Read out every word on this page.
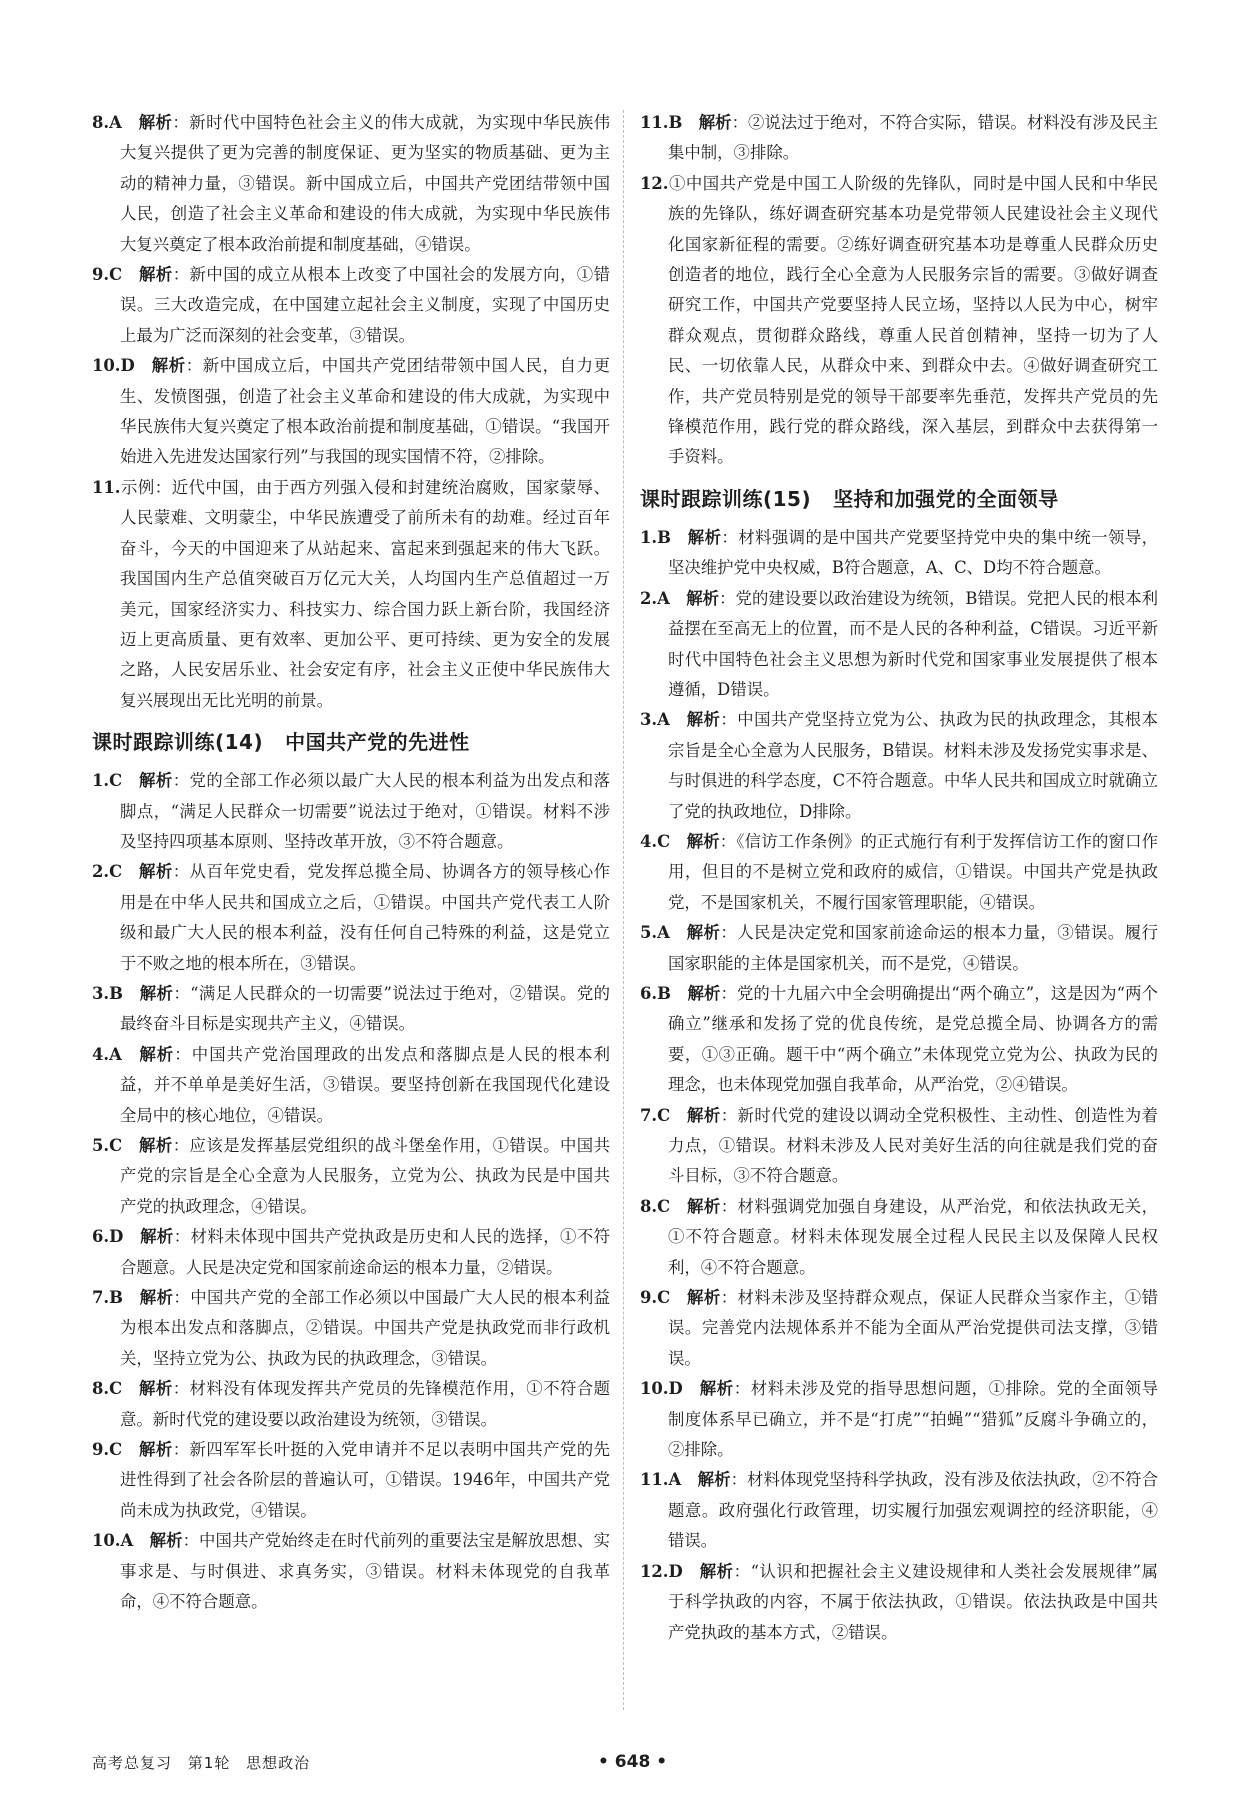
8.A  解析：新时代中国特色社会主义的伟大成就，为实现中华民族伟大复兴提供了更为完善的制度保证、更为坚实的物质基础、更为主动的精神力量，③错误。新中国成立后，中国共产党团结带领中国人民，创造了社会主义革命和建设的伟大成就，为实现中华民族伟大复兴奠定了根本政治前提和制度基础，④错误。
9.C  解析：新中国的成立从根本上改变了中国社会的发展方向，①错误。三大改造完成，在中国建立起社会主义制度，实现了中国历史上最为广泛而深刻的社会变革，③错误。
10.D  解析：新中国成立后，中国共产党团结带领中国人民，自力更生、发愤图强，创造了社会主义革命和建设的伟大成就，为实现中华民族伟大复兴奠定了根本政治前提和制度基础，①错误。“我国开始进入先进发达国家行列”与我国的现实国情不符，②排除。
11.示例：近代中国，由于西方列强入侵和封建统治腐败，国家蒙辱、人民蒙难、文明蒙尘，中华民族遭受了前所未有的劫难。经过百年奋斗，今天的中国迎来了从站起来、富起来到强起来的伟大飞跃。我国国内生产总值突破百万亿元大关，人均国内生产总值超过一万美元，国家经济实力、科技实力、综合国力跃上新台阶，我国经济迈上更高质量、更有效率、更加公平、更可持续、更为安全的发展之路，人民安居乐业、社会安定有序，社会主义正使中华民族伟大复兴展现出无比光明的前景。
课时跟踪训练(14) 中国共产党的先进性
1.C  解析：党的全部工作必须以最广大人民的根本利益为出发点和落脚点，“满足人民群众一切需要”说法过于绝对，①错误。材料不涉及坚持四项基本原则、坚持改革开放，③不符合题意。
2.C  解析：从百年党史看，党发挥总揽全局、协调各方的领导核心作用是在中华人民共和国成立之后，①错误。中国共产党代表工人阶级和最广大人民的根本利益，没有任何自己特殊的利益，这是党立于不败之地的根本所在，③错误。
3.B  解析：“满足人民群众的一切需要”说法过于绝对，②错误。党的最终奋斗目标是实现共产主义，④错误。
4.A  解析：中国共产党治国理政的出发点和落脚点是人民的根本利益，并不单单是美好生活，③错误。要坚持创新在我国现代化建设全局中的核心地位，④错误。
5.C  解析：应该是发挥基层党组织的战斗堡垒作用，①错误。中国共产党的宗旨是全心全意为人民服务，立党为公、执政为民是中国共产党的执政理念，④错误。
6.D  解析：材料未体现中国共产党执政是历史和人民的选择，①不符合题意。人民是决定党和国家前途命运的根本力量，②错误。
7.B  解析：中国共产党的全部工作必须以中国最广大人民的根本利益为根本出发点和落脚点，②错误。中国共产党是执政党而非行政机关，坚持立党为公、执政为民的执政理念，③错误。
8.C  解析：材料没有体现发挥共产党员的先锋模范作用，①不符合题意。新时代党的建设要以政治建设为统领，③错误。
9.C  解析：新四军军长叶挺的入党申请并不足以表明中国共产党的先进性得到了社会各阶层的普遍认可，①错误。1946年，中国共产党尚未成为执政党，④错误。
10.A  解析：中国共产党始终走在时代前列的重要法宝是解放思想、实事求是、与时俱进、求真务实，③错误。材料未体现党的自我革命，④不符合题意。
11.B  解析：②说法过于绝对，不符合实际，错误。材料没有涉及民主集中制，③排除。
12.①中国共产党是中国工人阶级的先锋队，同时是中国人民和中华民族的先锋队，练好调查研究基本功是党带领人民建设社会主义现代化国家新征程的需要。②练好调查研究基本功是尊重人民群众历史创造者的地位，践行全心全意为人民服务宗旨的需要。③做好调查研究工作，中国共产党要坚持人民立场，坚持以人民为中心，树牢群众观点，贯彻群众路线，尊重人民首创精神，坚持一切为了人民、一切依靠人民，从群众中来、到群众中去。④做好调查研究工作，共产党员特别是党的领导干部要率先垂范，发挥共产党员的先锋模范作用，践行党的群众路线，深入基层，到群众中去获得第一手资料。
课时跟踪训练(15) 坚持和加强党的全面领导
1.B  解析：材料强调的是中国共产党要坚持党中央的集中统一领导，坚决维护党中央权威，B符合题意，A、C、D均不符合题意。
2.A  解析：党的建设要以政治建设为统领，B错误。党把人民的根本利益摆在至高无上的位置，而不是人民的各种利益，C错误。习近平新时代中国特色社会主义思想为新时代党和国家事业发展提供了根本遵循，D错误。
3.A  解析：中国共产党坚持立党为公、执政为民的执政理念，其根本宗旨是全心全意为人民服务，B错误。材料未涉及发扬党实事求是、与时俱进的科学态度，C不符合题意。中华人民共和国成立时就确立了党的执政地位，D排除。
4.C  解析：《信访工作条例》的正式施行有利于发挥信访工作的窗口作用，但目的不是树立党和政府的威信，①错误。中国共产党是执政党，不是国家机关，不履行国家管理职能，④错误。
5.A  解析：人民是决定党和国家前途命运的根本力量，③错误。履行国家职能的主体是国家机关，而不是党，④错误。
6.B  解析：党的十九届六中全会明确提出“两个确立”，这是因为“两个确立”继承和发扬了党的优良传统，是党总揽全局、协调各方的需要，①③正确。题干中“两个确立”未体现党立党为公、执政为民的理念，也未体现党加强自我革命，从严治党，②④错误。
7.C  解析：新时代党的建设以调动全党积极性、主动性、创造性为着力点，①错误。材料未涉及人民对美好生活的向往就是我们党的奋斗目标，③不符合题意。
8.C  解析：材料强调党加强自身建设，从严治党，和依法执政无关，①不符合题意。材料未体现发展全过程人民民主以及保障人民权利，④不符合题意。
9.C  解析：材料未涉及坚持群众观点，保证人民群众当家作主，①错误。完善党内法规体系并不能为全面从严治党提供司法支撑，③错误。
10.D  解析：材料未涉及党的指导思想问题，①排除。党的全面领导制度体系早已确立，并不是“打虎”“拍蝇”“猎狐”反腐斗争确立的，②排除。
11.A  解析：材料体现党坚持科学执政，没有涉及依法执政，②不符合题意。政府强化行政管理，切实履行加强宏观调控的经济职能，④错误。
12.D  解析：“认识和把握社会主义建设规律和人类社会发展规律”属于科学执政的内容，不属于依法执政，①错误。依法执政是中国共产党执政的基本方式，②错误。
高考总复习 第1轮 思想政治	• 648 •
